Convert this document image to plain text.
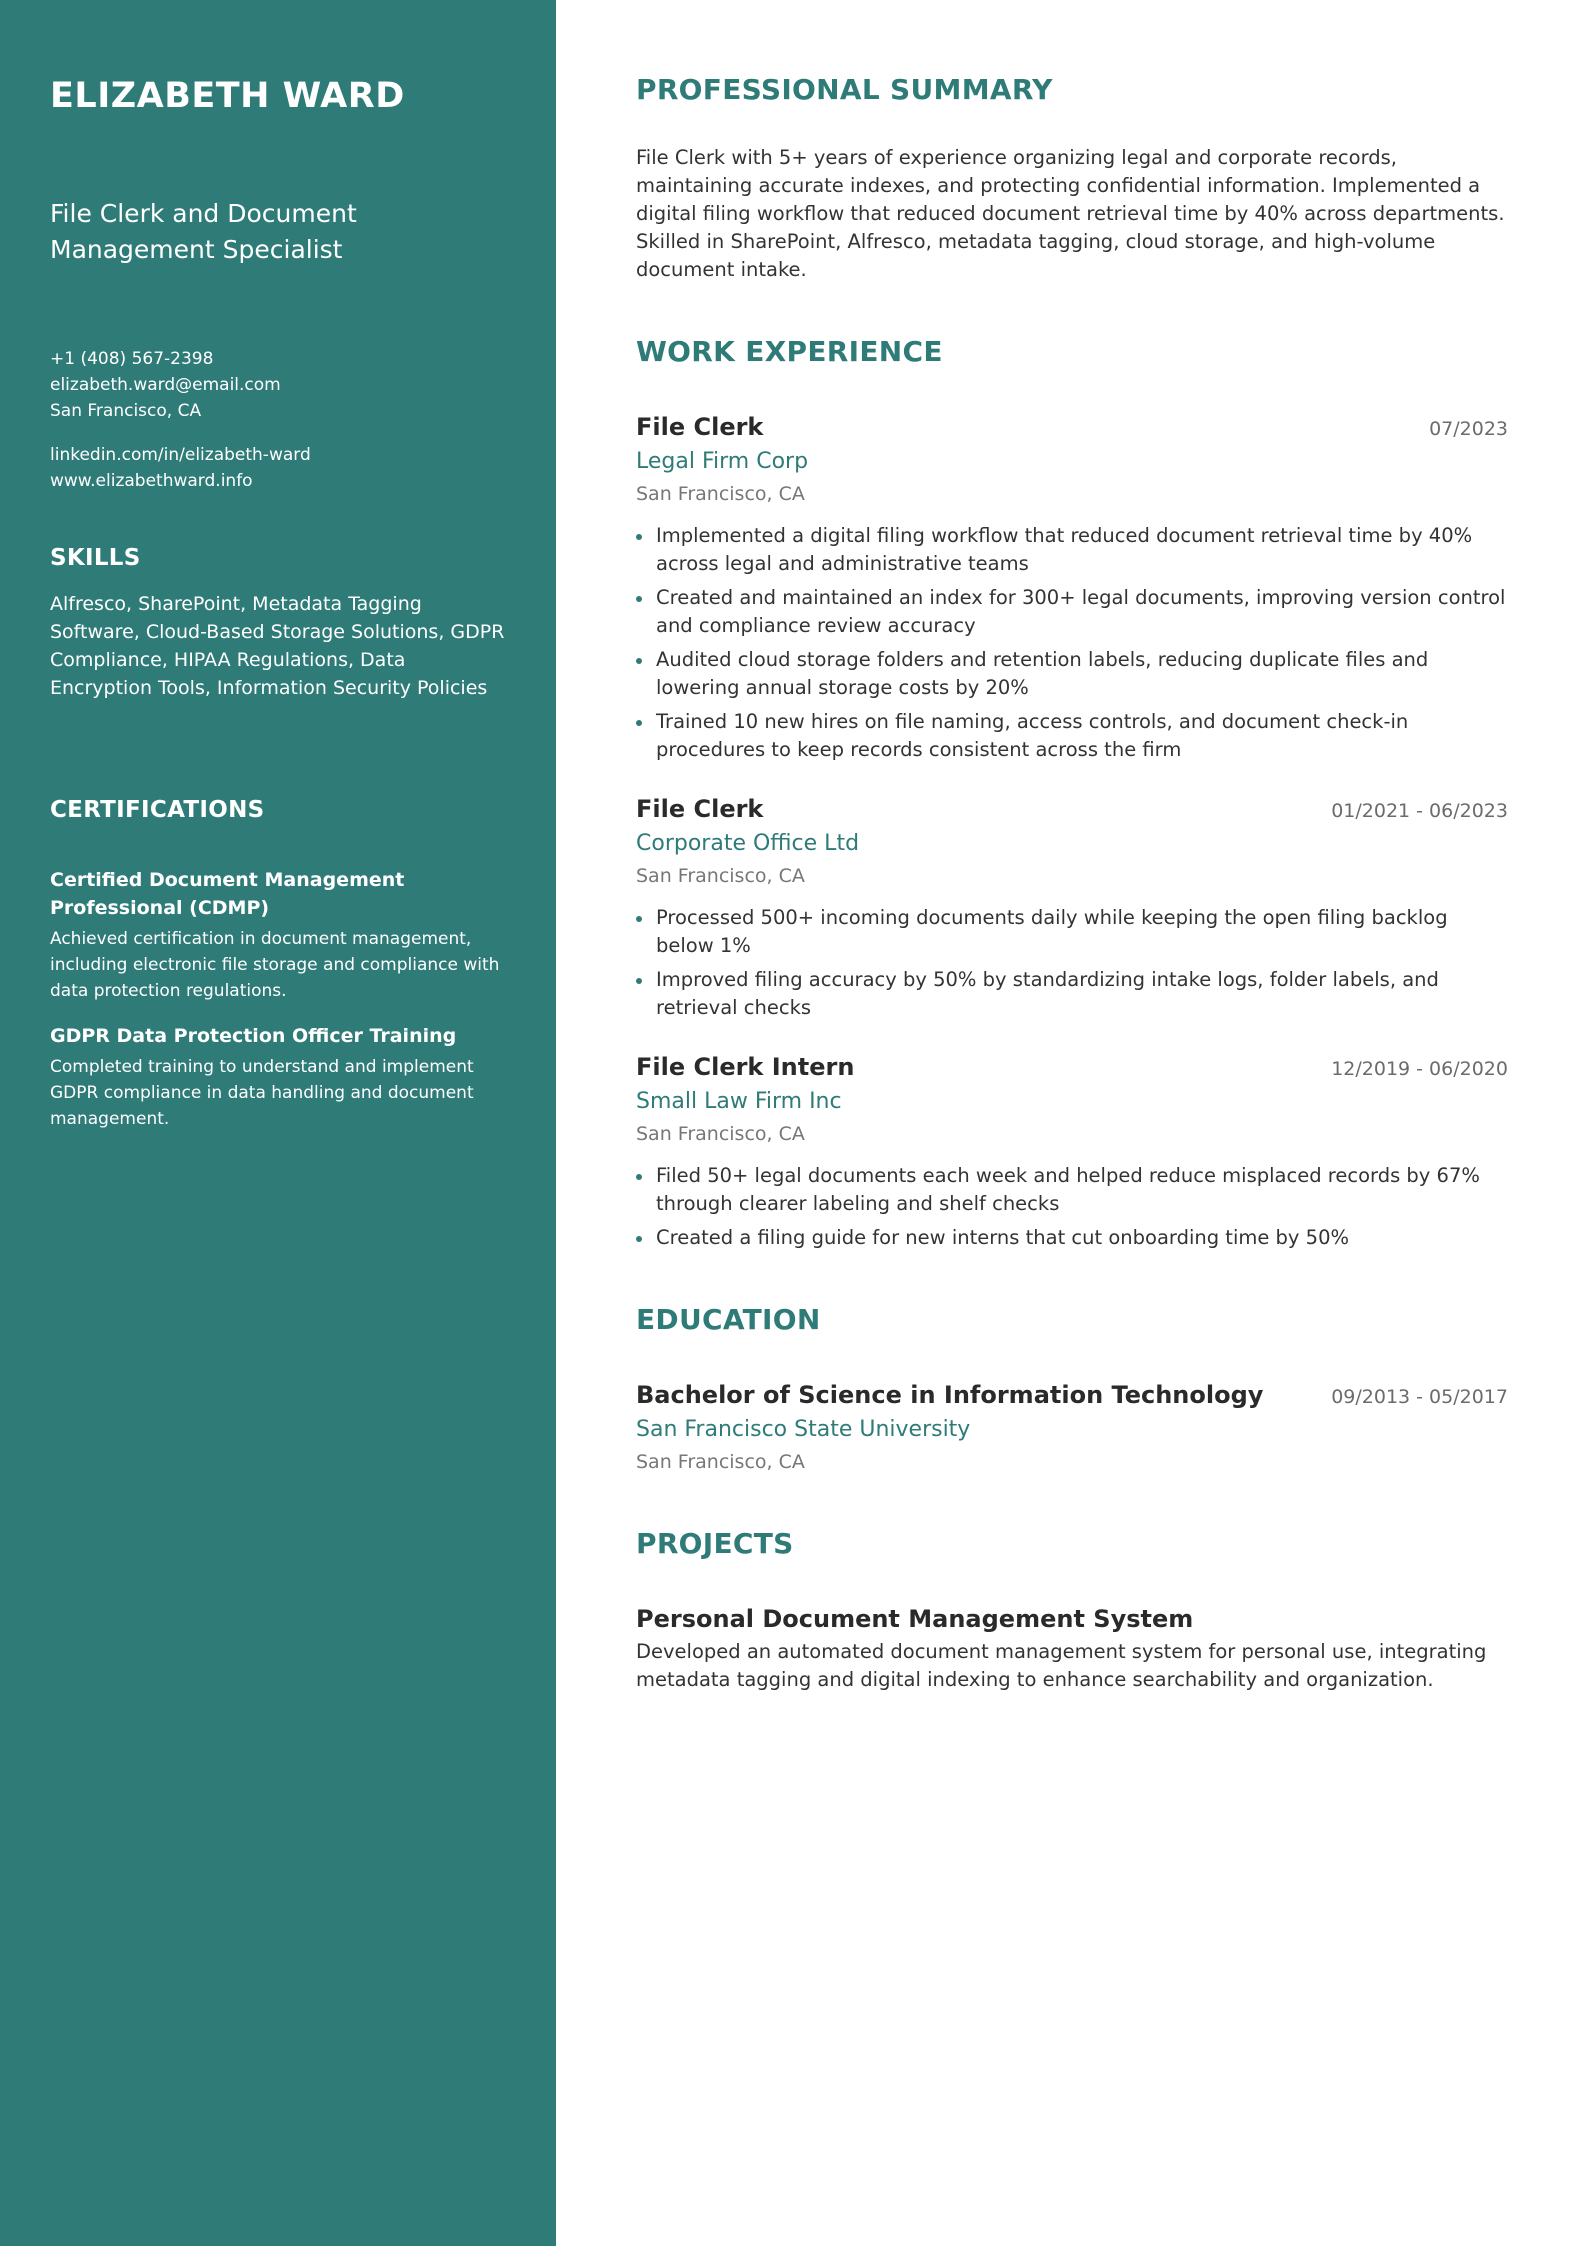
ELIZABETH WARD
File Clerk and Document Management Specialist
+1 (408) 567-2398
elizabeth.ward@email.com
San Francisco, CA
linkedin.com/in/elizabeth-ward
www.elizabethward.info
SKILLS
Alfresco, SharePoint, Metadata Tagging Software, Cloud-Based Storage Solutions, GDPR Compliance, HIPAA Regulations, Data Encryption Tools, Information Security Policies
CERTIFICATIONS
Certified Document Management Professional (CDMP)
Achieved certification in document management, including electronic file storage and compliance with data protection regulations.
GDPR Data Protection Officer Training
Completed training to understand and implement GDPR compliance in data handling and document management.
PROFESSIONAL SUMMARY

File Clerk with 5+ years of experience organizing legal and corporate records, maintaining accurate indexes, and protecting confidential information. Implemented a digital filing workflow that reduced document retrieval time by 40% across departments. Skilled in SharePoint, Alfresco, metadata tagging, cloud storage, and high-volume document intake.

WORK EXPERIENCE
File Clerk	07/2023
Legal Firm Corp
San Francisco, CA
Implemented a digital filing workflow that reduced document retrieval time by 40% across legal and administrative teams
Created and maintained an index for 300+ legal documents, improving version control and compliance review accuracy
Audited cloud storage folders and retention labels, reducing duplicate files and lowering annual storage costs by 20%
Trained 10 new hires on file naming, access controls, and document check-in procedures to keep records consistent across the firm
File Clerk	01/2021 - 06/2023
Corporate Office Ltd
San Francisco, CA
Processed 500+ incoming documents daily while keeping the open filing backlog below 1%
Improved filing accuracy by 50% by standardizing intake logs, folder labels, and retrieval checks
File Clerk Intern	12/2019 - 06/2020
Small Law Firm Inc
San Francisco, CA
Filed 50+ legal documents each week and helped reduce misplaced records by 67% through clearer labeling and shelf checks
Created a filing guide for new interns that cut onboarding time by 50%
EDUCATION
Bachelor of Science in Information Technology	09/2013 - 05/2017
San Francisco State University
San Francisco, CA
PROJECTS
Personal Document Management System
Developed an automated document management system for personal use, integrating metadata tagging and digital indexing to enhance searchability and organization.
